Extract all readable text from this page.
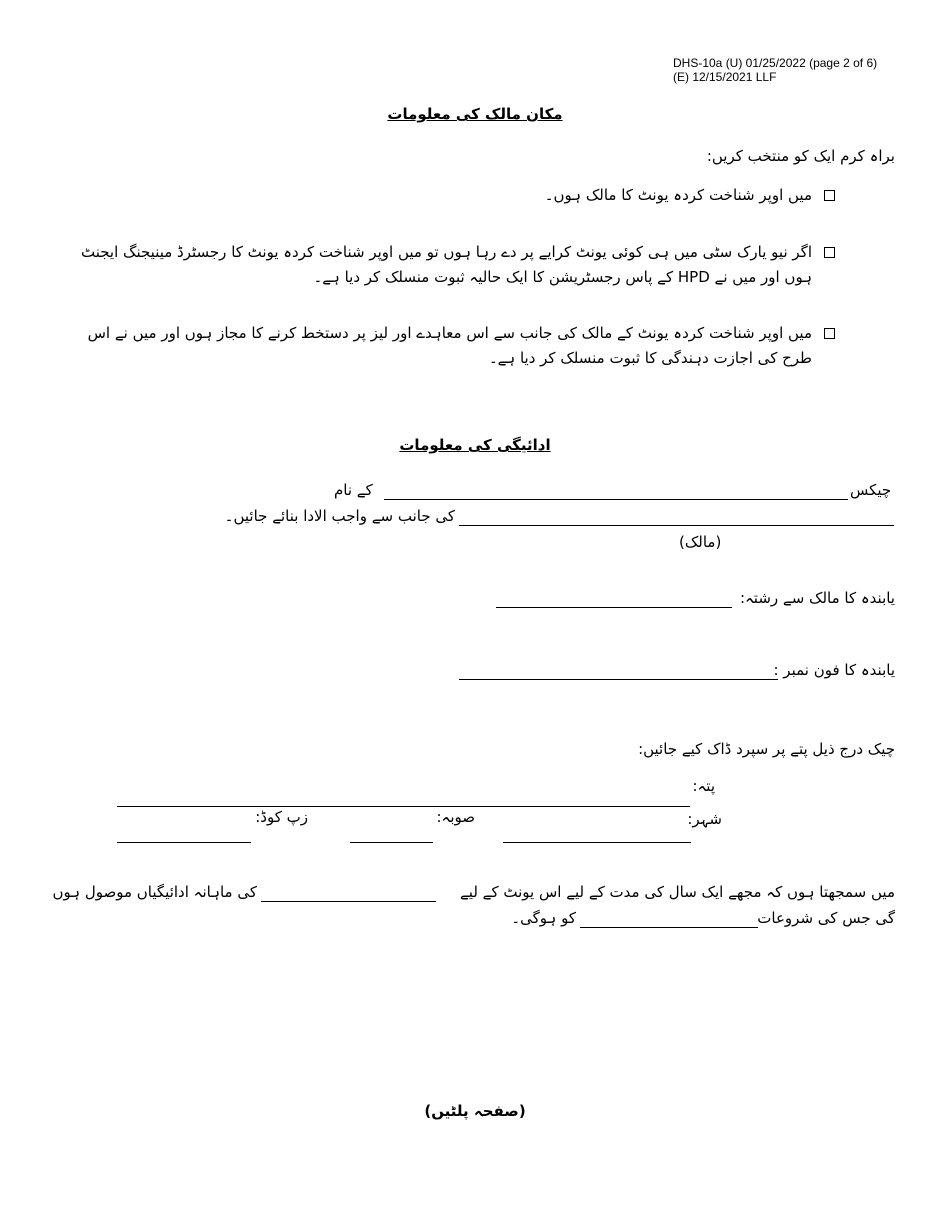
DHS-10a (U) 01/25/2022 (page 2 of 6)
(E) 12/15/2021 LLF
مکان مالک کی معلومات
براہ کرم ایک کو منتخب کریں:
میں اوپر شناخت کردہ یونٹ کا مالک ہوں۔
اگر نیو یارک سٹی میں ہی کوئی یونٹ کرایے پر دے رہا ہوں تو میں اوپر شناخت کردہ یونٹ کا رجسٹرڈ مینیجنگ ایجنٹ ہوں اور میں نے HPD کے پاس رجسٹریشن کا ایک حالیہ ثبوت منسلک کر دیا ہے۔
میں اوپر شناخت کردہ یونٹ کے مالک کی جانب سے اس معاہدے اور لیز پر دستخط کرنے کا مجاز ہوں اور میں نے اس طرح کی اجازت دہندگی کا ثبوت منسلک کر دیا ہے۔
ادائیگی کی معلومات
چیکس
کے نام
کی جانب سے واجب الادا بنائے جائیں۔
(مالک)
یابندہ کا مالک سے رشتہ:
یابندہ کا فون نمبر :
چیک درج ذیل پتے پر سپرد ڈاک کیے جائیں:
پتہ:
شہر:
صوبہ:
زپ کوڈ:
میں سمجھتا ہوں کہ مجھے ایک سال کی مدت کے لیے اس یونٹ کے لیے
کی ماہانہ ادائیگیاں موصول ہوں
گی جس کی شروعات
کو ہوگی۔
(صفحہ پلٹیں)
